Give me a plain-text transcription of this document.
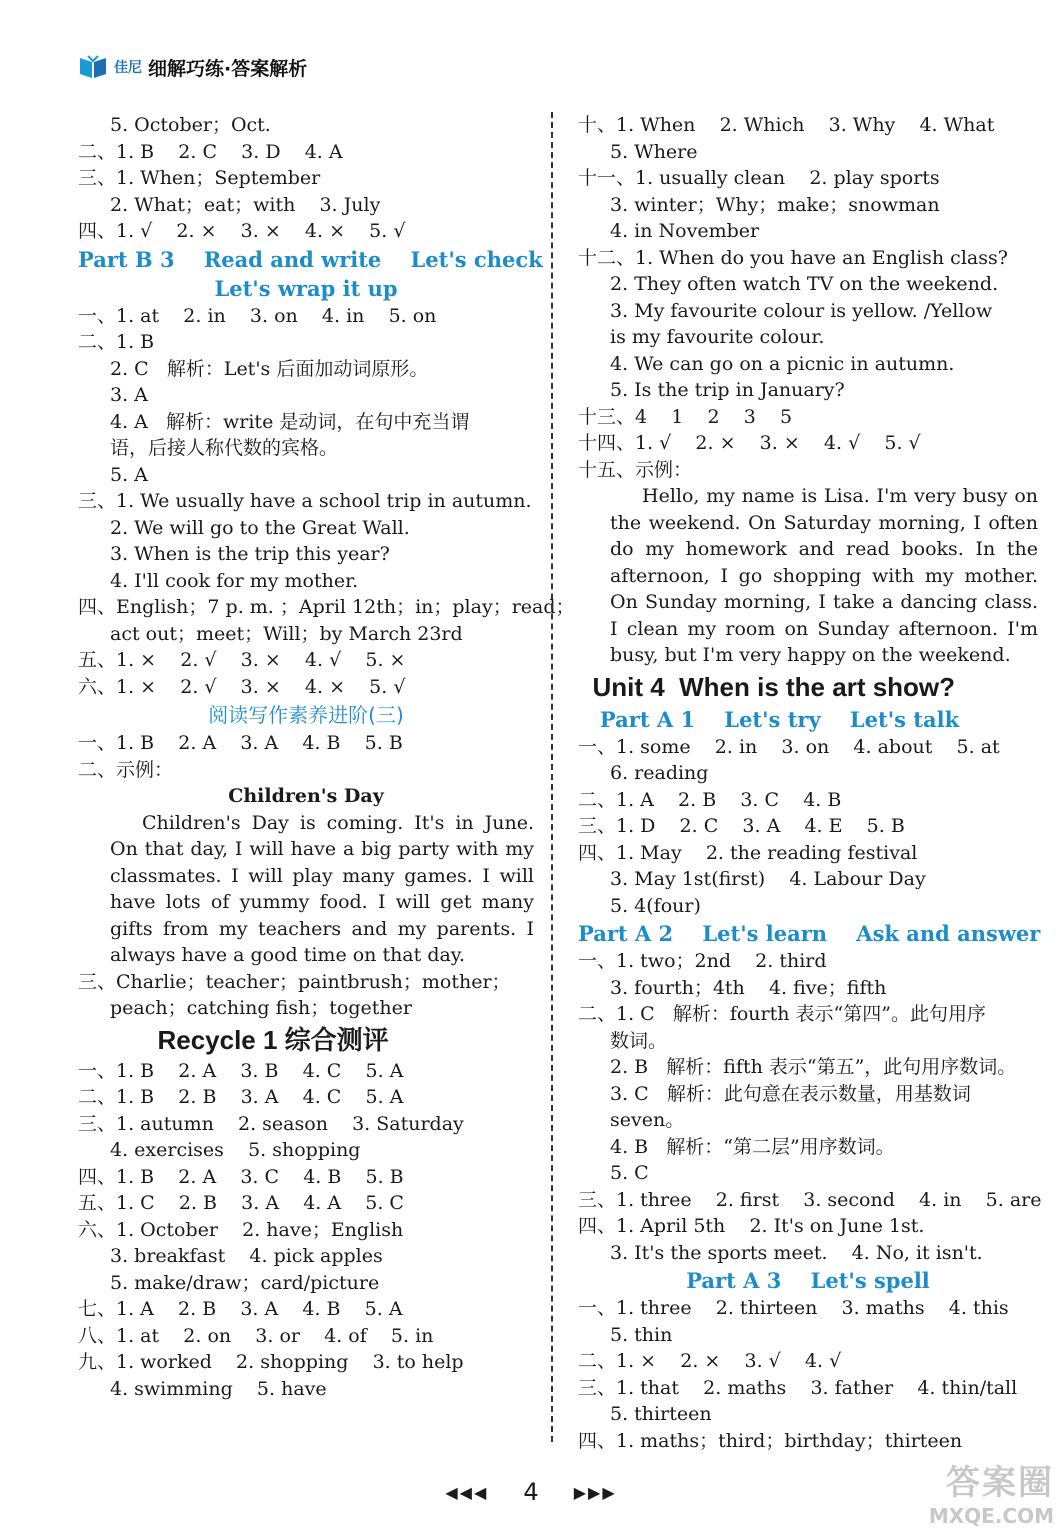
佳尼 细解巧练·答案解析
5. October；Oct.
二、1. B    2. C    3. D    4. A
三、1. When；September
2. What；eat；with    3. July
四、1. √    2. ×    3. ×    4. ×    5. √
Part B 3    Read and write    Let's check
Let's wrap it up
一、1. at    2. in    3. on    4. in    5. on
二、1. B
2. C   解析：Let's 后面加动词原形。
3. A
4. A   解析：write 是动词，在句中充当谓
语，后接人称代数的宾格。
5. A
三、1. We usually have a school trip in autumn.
2. We will go to the Great Wall.
3. When is the trip this year?
4. I'll cook for my mother.
四、English；7 p. m. ；April 12th；in；play；read；
act out；meet；Will；by March 23rd
五、1. ×    2. √    3. ×    4. √    5. ×
六、1. ×    2. √    3. ×    4. ×    5. √
阅读写作素养进阶(三)
一、1. B    2. A    3. A    4. B    5. B
二、示例：
Children's Day
Children's Day is coming. It's in June. On that day, I will have a big party with my classmates. I will play many games. I will have lots of yummy food. I will get many gifts from my teachers and my parents. I always have a good time on that day.
三、Charlie；teacher；paintbrush；mother；
peach；catching fish；together
Recycle 1 综合测评
一、1. B    2. A    3. B    4. C    5. A
二、1. B    2. B    3. A    4. C    5. A
三、1. autumn    2. season    3. Saturday
4. exercises    5. shopping
四、1. B    2. A    3. C    4. B    5. B
五、1. C    2. B    3. A    4. A    5. C
六、1. October    2. have；English
3. breakfast    4. pick apples
5. make/draw；card/picture
七、1. A    2. B    3. A    4. B    5. A
八、1. at    2. on    3. or    4. of    5. in
九、1. worked    2. shopping    3. to help
4. swimming    5. have
十、1. When    2. Which    3. Why    4. What
5. Where
十一、1. usually clean    2. play sports
3. winter；Why；make；snowman
4. in November
十二、1. When do you have an English class?
2. They often watch TV on the weekend.
3. My favourite colour is yellow. /Yellow
is my favourite colour.
4. We can go on a picnic in autumn.
5. Is the trip in January?
十三、4    1    2    3    5
十四、1. √    2. ×    3. ×    4. √    5. √
十五、示例：
Hello, my name is Lisa. I'm very busy on the weekend. On Saturday morning, I often do my homework and read books. In the afternoon, I go shopping with my mother. On Sunday morning, I take a dancing class. I clean my room on Sunday afternoon. I'm busy, but I'm very happy on the weekend.
Unit 4  When is the art show?
Part A 1    Let's try    Let's talk
一、1. some    2. in    3. on    4. about    5. at
6. reading
二、1. A    2. B    3. C    4. B
三、1. D    2. C    3. A    4. E    5. B
四、1. May    2. the reading festival
3. May 1st(first)    4. Labour Day
5. 4(four)
Part A 2    Let's learn    Ask and answer
一、1. two；2nd    2. third
3. fourth；4th    4. five；fifth
二、1. C   解析：fourth 表示“第四”。此句用序
数词。
2. B   解析：fifth 表示“第五”，此句用序数词。
3. C   解析：此句意在表示数量，用基数词
seven。
4. B   解析：“第二层”用序数词。
5. C
三、1. three    2. first    3. second    4. in    5. are
四、1. April 5th    2. It's on June 1st.
3. It's the sports meet.    4. No, it isn't.
Part A 3    Let's spell
一、1. three    2. thirteen    3. maths    4. this
5. thin
二、1. ×    2. ×    3. √    4. √
三、1. that    2. maths    3. father    4. thin/tall
5. thirteen
四、1. maths；third；birthday；thirteen
◀◀◀ 4 ▶▶▶	答案圈
MXQE.COM
